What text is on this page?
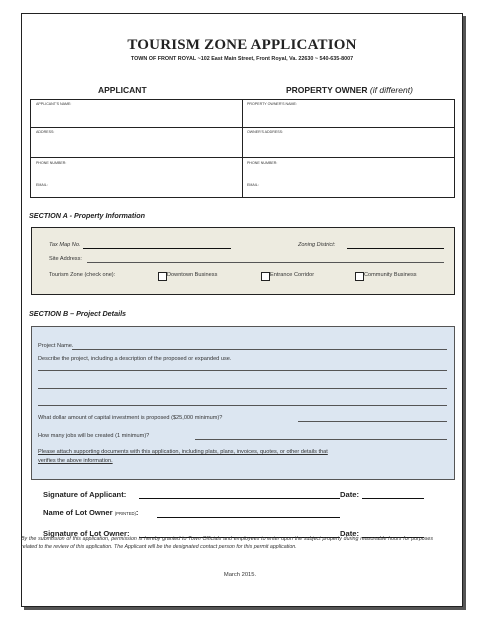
TOURISM ZONE APPLICATION
TOWN OF FRONT ROYAL ~102 East Main Street, Front Royal, Va. 22630 ~ 540-635-8007
APPLICANT	PROPERTY OWNER (if different)
APPLICANT'S NAME:	PROPERTY OWNER'S NAME:
ADDRESS:	OWNER'S ADDRESS:
PHONE NUMBER:	PHONE NUMBER:
EMAIL:	EMAIL:
SECTION A - Property Information
Tax Map No.	Zoning District:
Site Address:
Tourism Zone (check one):	Downtown Business	Entrance Corridor	Community Business
SECTION B – Project Details
Project Name.
Describe the project, including a description of the proposed or expanded use.
What dollar amount of capital investment is proposed ($25,000 minimum)?
How many jobs will be created (1 minimum)?
Please attach supporting documents with this application, including plats, plans, invoices, quotes, or other details that
verifies the above information.
Signature of Applicant:	Date:
Name of Lot Owner (PRINTED):
Signature of Lot Owner:	Date:
By the submission of this application, permission is hereby granted to Town Officials and employees to enter upon the subject property during reasonable hours for purposes related to the review of this application. The Applicant will be the designated contact person for this permit application.
March 2015.
